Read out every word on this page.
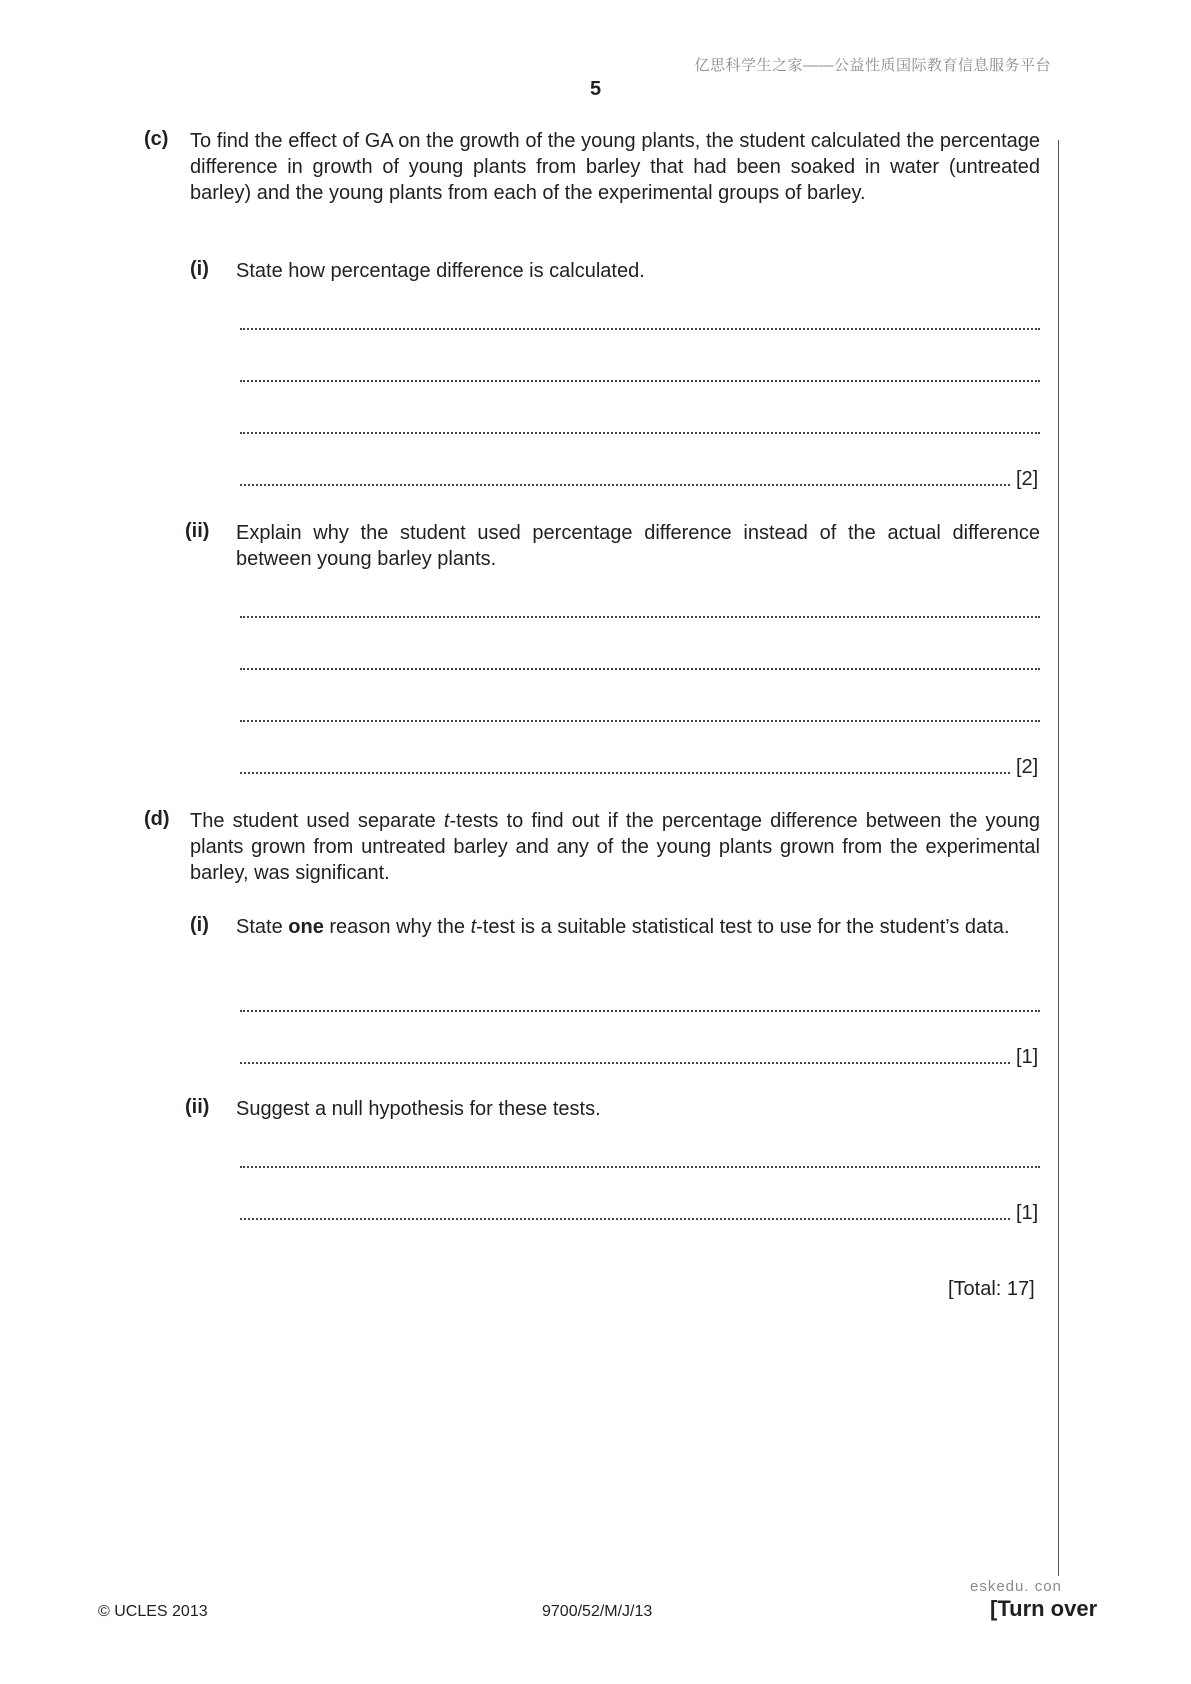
亿思科学生之家——公益性质国际教育信息服务平台
5
(c) To find the effect of GA on the growth of the young plants, the student calculated the percentage difference in growth of young plants from barley that had been soaked in water (untreated barley) and the young plants from each of the experimental groups of barley.
(i) State how percentage difference is calculated.
[2]
(ii) Explain why the student used percentage difference instead of the actual difference between young barley plants.
[2]
(d) The student used separate t-tests to find out if the percentage difference between the young plants grown from untreated barley and any of the young plants grown from the experimental barley, was significant.
(i) State one reason why the t-test is a suitable statistical test to use for the student’s data.
[1]
(ii) Suggest a null hypothesis for these tests.
[1]
[Total: 17]
eskedu. con
© UCLES 2013	9700/52/M/J/13	[Turn over
